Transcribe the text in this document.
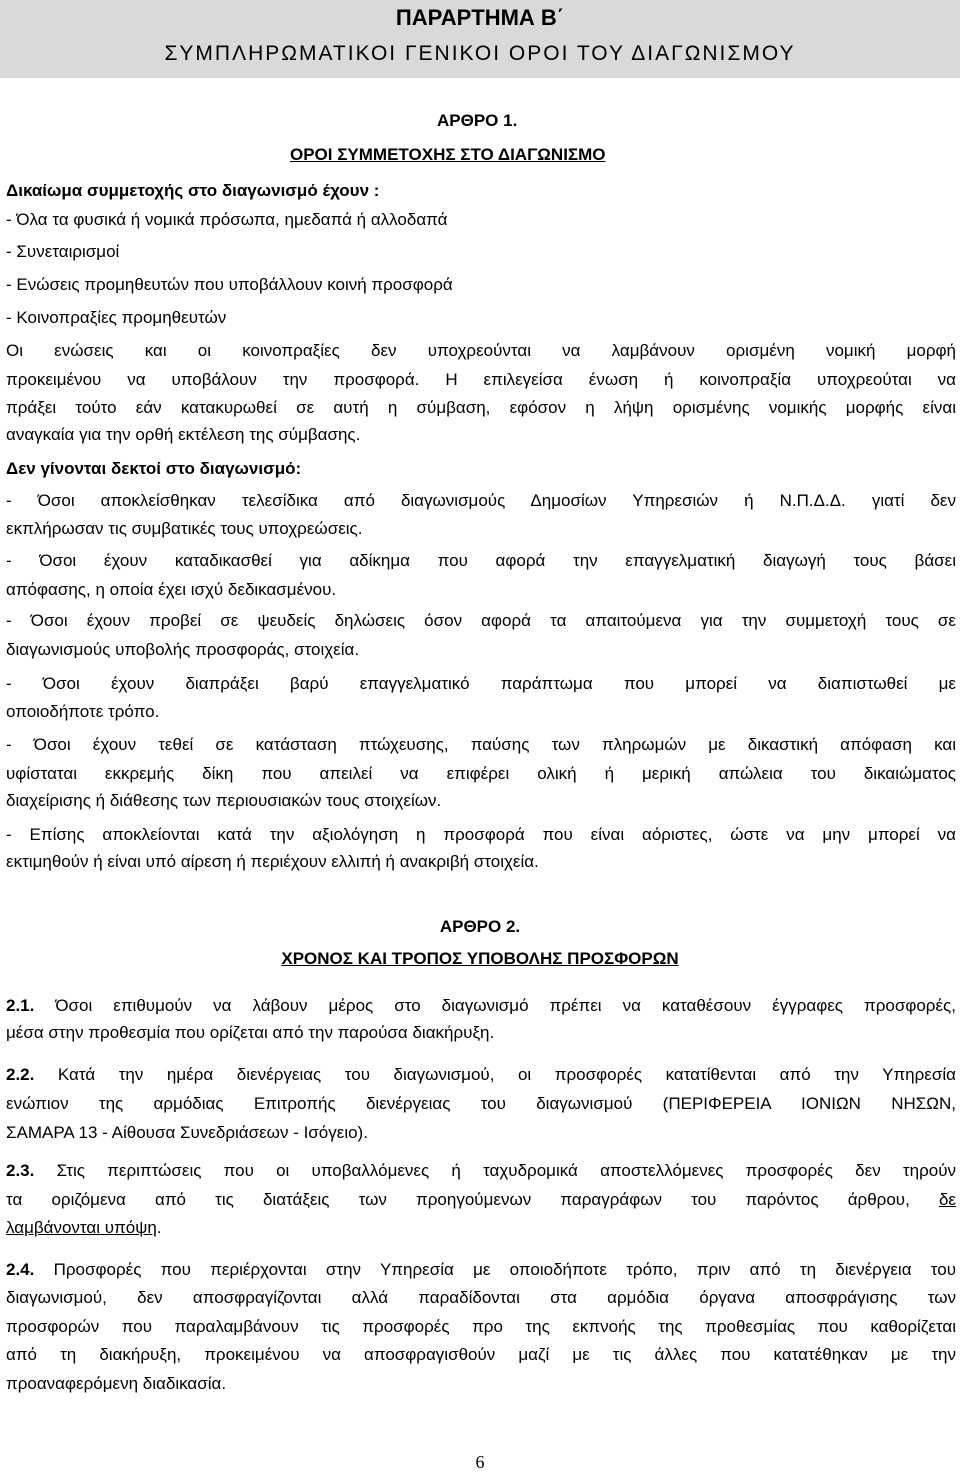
ΠΑΡΑΡΤΗΜΑ Β΄
ΣΥΜΠΛΗΡΩΜΑΤΙΚΟΙ ΓΕΝΙΚΟΙ ΟΡΟΙ ΤΟΥ ΔΙΑΓΩΝΙΣΜΟΥ
ΑΡΘΡΟ 1.
ΟΡΟΙ ΣΥΜΜΕΤΟΧΗΣ ΣΤΟ ΔΙΑΓΩΝΙΣΜΟ
Δικαίωμα συμμετοχής στο διαγωνισμό έχουν :
- Όλα τα φυσικά ή νομικά πρόσωπα, ημεδαπά ή αλλοδαπά
- Συνεταιρισμοί
- Ενώσεις προμηθευτών που υποβάλλουν κοινή προσφορά
- Κοινοπραξίες προμηθευτών
Οι ενώσεις και οι κοινοπραξίες δεν υποχρεούνται να λαμβάνουν ορισμένη νομική μορφή
προκειμένου να υποβάλουν την προσφορά. Η επιλεγείσα ένωση ή κοινοπραξία υποχρεούται να
πράξει τούτο εάν κατακυρωθεί σε αυτή η σύμβαση, εφόσον η λήψη ορισμένης νομικής μορφής είναι
αναγκαία για την ορθή εκτέλεση της σύμβασης.
Δεν γίνονται δεκτοί στο διαγωνισμό:
- Όσοι αποκλείσθηκαν τελεσίδικα από διαγωνισμούς Δημοσίων Υπηρεσιών ή Ν.Π.Δ.Δ. γιατί δεν
εκπλήρωσαν τις συμβατικές τους υποχρεώσεις.
- Όσοι έχουν καταδικασθεί για αδίκημα που αφορά την επαγγελματική διαγωγή τους βάσει
απόφασης, η οποία έχει ισχύ δεδικασμένου.
- Όσοι έχουν προβεί σε ψευδείς δηλώσεις όσον αφορά τα απαιτούμενα για την συμμετοχή τους σε
διαγωνισμούς υποβολής προσφοράς, στοιχεία.
- Όσοι έχουν διαπράξει βαρύ επαγγελματικό παράπτωμα που μπορεί να διαπιστωθεί με
οποιοδήποτε τρόπο.
- Όσοι έχουν τεθεί σε κατάσταση πτώχευσης, παύσης των πληρωμών με δικαστική απόφαση και
υφίσταται εκκρεμής δίκη που απειλεί να επιφέρει ολική ή μερική απώλεια του δικαιώματος
διαχείρισης ή διάθεσης των περιουσιακών τους στοιχείων.
- Επίσης αποκλείονται κατά την αξιολόγηση η προσφορά που είναι αόριστες, ώστε να μην μπορεί να
εκτιμηθούν ή είναι υπό αίρεση ή περιέχουν ελλιπή ή ανακριβή στοιχεία.
ΑΡΘΡΟ 2.
ΧΡΟΝΟΣ ΚΑΙ ΤΡΟΠΟΣ ΥΠΟΒΟΛΗΣ ΠΡΟΣΦΟΡΩΝ
2.1. Όσοι επιθυμούν να λάβουν μέρος στο διαγωνισμό πρέπει να καταθέσουν έγγραφες προσφορές,
μέσα στην προθεσμία που ορίζεται από την παρούσα διακήρυξη.
2.2. Κατά την ημέρα διενέργειας του διαγωνισμού, οι προσφορές κατατίθενται από την Υπηρεσία
ενώπιον της αρμόδιας Επιτροπής διενέργειας του διαγωνισμού (ΠΕΡΙΦΕΡΕΙΑ ΙΟΝΙΩΝ ΝΗΣΩΝ,
ΣΑΜΑΡΑ 13 - Αίθουσα Συνεδριάσεων - Ισόγειο).
2.3. Στις περιπτώσεις που οι υποβαλλόμενες ή ταχυδρομικά αποστελλόμενες προσφορές δεν τηρούν
τα οριζόμενα από τις διατάξεις των προηγούμενων παραγράφων του παρόντος άρθρου, δε
λαμβάνονται υπόψη.
2.4. Προσφορές που περιέρχονται στην Υπηρεσία με οποιοδήποτε τρόπο, πριν από τη διενέργεια του
διαγωνισμού, δεν αποσφραγίζονται αλλά παραδίδονται στα αρμόδια όργανα αποσφράγισης των
προσφορών που παραλαμβάνουν τις προσφορές προ της εκπνοής της προθεσμίας που καθορίζεται
από τη διακήρυξη, προκειμένου να αποσφραγισθούν μαζί με τις άλλες που κατατέθηκαν με την
προαναφερόμενη διαδικασία.
6
